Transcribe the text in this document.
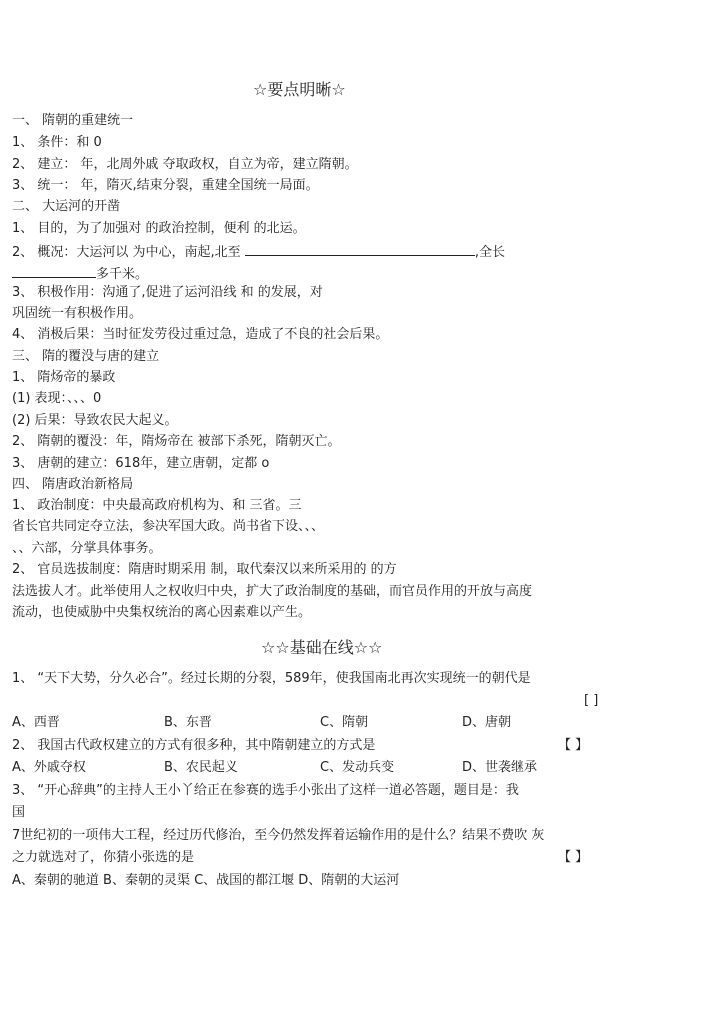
☆要点明晰☆
一、 隋朝的重建统一
1、 条件：和 0
2、 建立： 年，北周外戚 夺取政权，自立为帝，建立隋朝。
3、 统一： 年，隋灭,结束分裂，重建全国统一局面。
二、 大运河的开凿
1、 目的，为了加强对 的政治控制，便利 的北运。
2、 概况：大运河以 为中心，南起,北至	,全长
多千米。
3、 积极作用：沟通了,促进了运河沿线 和 的发展，对
巩固统一有积极作用。
4、 消极后果：当时征发劳役过重过急，造成了不良的社会后果。
三、 隋的覆没与唐的建立
1、 隋炀帝的暴政
(1) 表现：、、、0
(2) 后果：导致农民大起义。
2、 隋朝的覆没：年，隋炀帝在 被部下杀死，隋朝灭亡。
3、 唐朝的建立：618年，建立唐朝，定都 o
四、 隋唐政治新格局
1、 政治制度：中央最高政府机构为、和 三省。三
省长官共同定夺立法，参决军国大政。尚书省下设、、、
、、六部，分掌具体事务。
2、 官员选拔制度：隋唐时期采用 制，取代秦汉以来所采用的 的方
法选拔人才。此举使用人之权收归中央，扩大了政治制度的基础，而官员作用的开放与高度
流动，也使威胁中央集权统治的离心因素难以产生。
☆☆基础在线☆☆
1、 “天下大势，分久必合”。经过长期的分裂，589年，使我国南北再次实现统一的朝代是
[ ]
A、西晋	B、东晋	C、隋朝	D、唐朝
2、 我国古代政权建立的方式有很多种，其中隋朝建立的方式是	【 】
A、外戚夺权	B、农民起义	C、发动兵变	D、世袭继承
3、 “开心辞典”的主持人王小丫给正在参赛的选手小张出了这样一道必答题，题目是：我
国
7世纪初的一项伟大工程，经过历代修治，至今仍然发挥着运输作用的是什么？结果不费吹 灰
之力就选对了，你猜小张选的是	【 】
A、秦朝的驰道 B、秦朝的灵渠 C、战国的都江堰 D、隋朝的大运河
